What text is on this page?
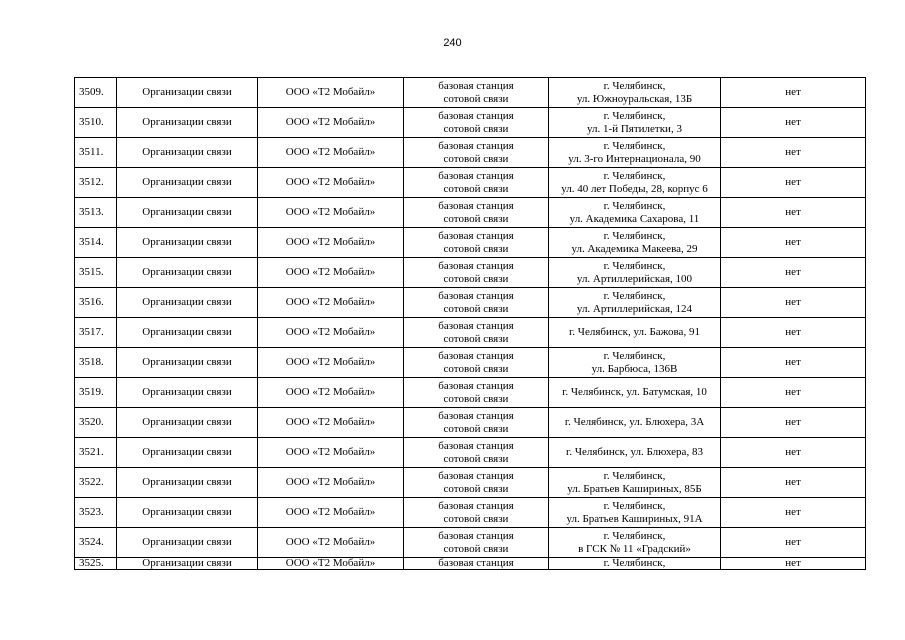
240
3509.	Организации связи	ООО «Т2 Мобайл»	базовая станция
сотовой связи	г. Челябинск,
ул. Южноуральская, 13Б	нет
3510.	Организации связи	ООО «Т2 Мобайл»	базовая станция
сотовой связи	г. Челябинск,
ул. 1-й Пятилетки, 3	нет
3511.	Организации связи	ООО «Т2 Мобайл»	базовая станция
сотовой связи	г. Челябинск,
ул. 3-го Интернационала, 90	нет
3512.	Организации связи	ООО «Т2 Мобайл»	базовая станция
сотовой связи	г. Челябинск,
ул. 40 лет Победы, 28, корпус 6	нет
3513.	Организации связи	ООО «Т2 Мобайл»	базовая станция
сотовой связи	г. Челябинск,
ул. Академика Сахарова, 11	нет
3514.	Организации связи	ООО «Т2 Мобайл»	базовая станция
сотовой связи	г. Челябинск,
ул. Академика Макеева, 29	нет
3515.	Организации связи	ООО «Т2 Мобайл»	базовая станция
сотовой связи	г. Челябинск,
ул. Артиллерийская, 100	нет
3516.	Организации связи	ООО «Т2 Мобайл»	базовая станция
сотовой связи	г. Челябинск,
ул. Артиллерийская, 124	нет
3517.	Организации связи	ООО «Т2 Мобайл»	базовая станция
сотовой связи	г. Челябинск, ул. Бажова, 91	нет
3518.	Организации связи	ООО «Т2 Мобайл»	базовая станция
сотовой связи	г. Челябинск,
ул. Барбюса, 136В	нет
3519.	Организации связи	ООО «Т2 Мобайл»	базовая станция
сотовой связи	г. Челябинск, ул. Батумская, 10	нет
3520.	Организации связи	ООО «Т2 Мобайл»	базовая станция
сотовой связи	г. Челябинск, ул. Блюхера, 3А	нет
3521.	Организации связи	ООО «Т2 Мобайл»	базовая станция
сотовой связи	г. Челябинск, ул. Блюхера, 83	нет
3522.	Организации связи	ООО «Т2 Мобайл»	базовая станция
сотовой связи	г. Челябинск,
ул. Братьев Кашириных, 85Б	нет
3523.	Организации связи	ООО «Т2 Мобайл»	базовая станция
сотовой связи	г. Челябинск,
ул. Братьев Кашириных, 91А	нет
3524.	Организации связи	ООО «Т2 Мобайл»	базовая станция
сотовой связи	г. Челябинск,
в ГСК № 11 «Градский»	нет
3525.	Организации связи	ООО «Т2 Мобайл»	базовая станция	г. Челябинск,	нет
